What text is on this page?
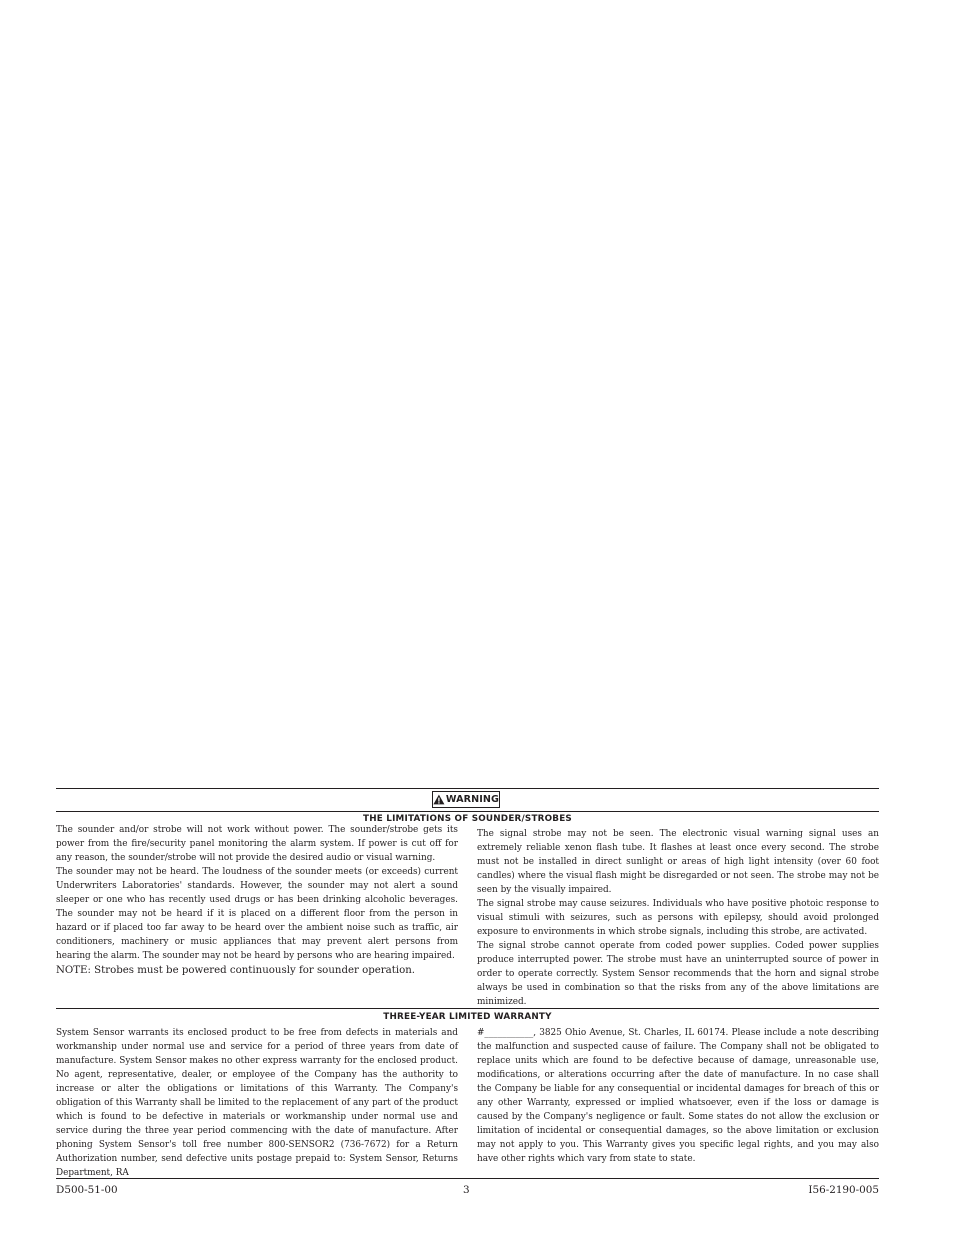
WARNING
THE LIMITATIONS OF SOUNDER/STROBES

The sounder and/or strobe will not work without power. The sounder/strobe gets its power from the fire/security panel monitoring the alarm system. If power is cut off for any reason, the sounder/strobe will not provide the desired audio or visual warning.

The sounder may not be heard. The loudness of the sounder meets (or exceeds) current Underwriters Laboratories' standards. However, the sounder may not alert a sound sleeper or one who has recently used drugs or has been drinking alcoholic beverages. The sounder may not be heard if it is placed on a different floor from the person in hazard or if placed too far away to be heard over the ambient noise such as traffic, air conditioners, machinery or music appliances that may prevent alert persons from hearing the alarm. The sounder may not be heard by persons who are hearing impaired.

NOTE: Strobes must be powered continuously for sounder operation.

The signal strobe may not be seen. The electronic visual warning signal uses an extremely reliable xenon flash tube. It flashes at least once every second. The strobe must not be installed in direct sunlight or areas of high light intensity (over 60 foot candles) where the visual flash might be disregarded or not seen. The strobe may not be seen by the visually impaired.

The signal strobe may cause seizures. Individuals who have positive photoic response to visual stimuli with seizures, such as persons with epilepsy, should avoid prolonged exposure to environments in which strobe signals, including this strobe, are activated.

The signal strobe cannot operate from coded power supplies. Coded power supplies produce interrupted power. The strobe must have an uninterrupted source of power in order to operate correctly. System Sensor recommends that the horn and signal strobe always be used in combination so that the risks from any of the above limitations are minimized.

THREE-YEAR LIMITED WARRANTY

System Sensor warrants its enclosed product to be free from defects in materials and workmanship under normal use and service for a period of three years from date of manufacture. System Sensor makes no other express warranty for the enclosed product. No agent, representative, dealer, or employee of the Company has the authority to increase or alter the obligations or limitations of this Warranty. The Company's obligation of this Warranty shall be limited to the replacement of any part of the product which is found to be defective in materials or workmanship under normal use and service during the three year period commencing with the date of manufacture. After phoning System Sensor's toll free number 800-SENSOR2 (736-7672) for a Return Authorization number, send defective units postage prepaid to: System Sensor, Returns Department, RA

#___________, 3825 Ohio Avenue, St. Charles, IL 60174. Please include a note describing the malfunction and suspected cause of failure. The Company shall not be obligated to replace units which are found to be defective because of damage, unreasonable use, modifications, or alterations occurring after the date of manufacture. In no case shall the Company be liable for any consequential or incidental damages for breach of this or any other Warranty, expressed or implied whatsoever, even if the loss or damage is caused by the Company's negligence or fault. Some states do not allow the exclusion or limitation of incidental or consequential damages, so the above limitation or exclusion may not apply to you. This Warranty gives you specific legal rights, and you may also have other rights which vary from state to state.

D500-51-00	3	I56-2190-005
